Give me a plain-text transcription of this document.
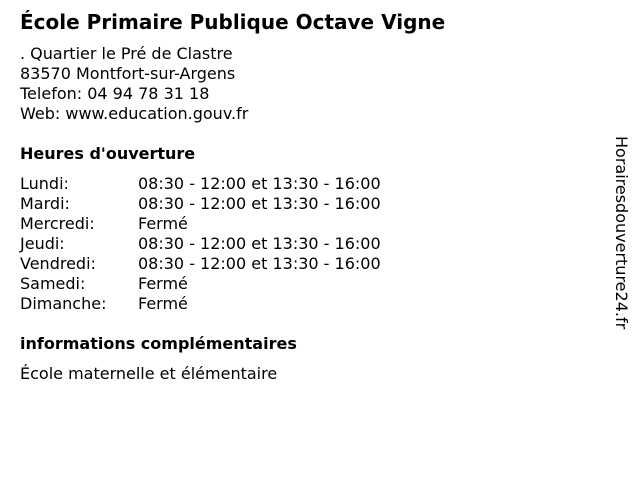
École Primaire Publique Octave Vigne
. Quartier le Pré de Clastre
83570 Montfort-sur-Argens
Telefon: 04 94 78 31 18
Web: www.education.gouv.fr
Heures d'ouverture
Lundi:	08:30 - 12:00 et 13:30 - 16:00
Mardi:	08:30 - 12:00 et 13:30 - 16:00
Mercredi:	Fermé
Jeudi:	08:30 - 12:00 et 13:30 - 16:00
Vendredi:	08:30 - 12:00 et 13:30 - 16:00
Samedi:	Fermé
Dimanche:	Fermé
informations complémentaires
École maternelle et élémentaire
Horairesdouverture24.fr
